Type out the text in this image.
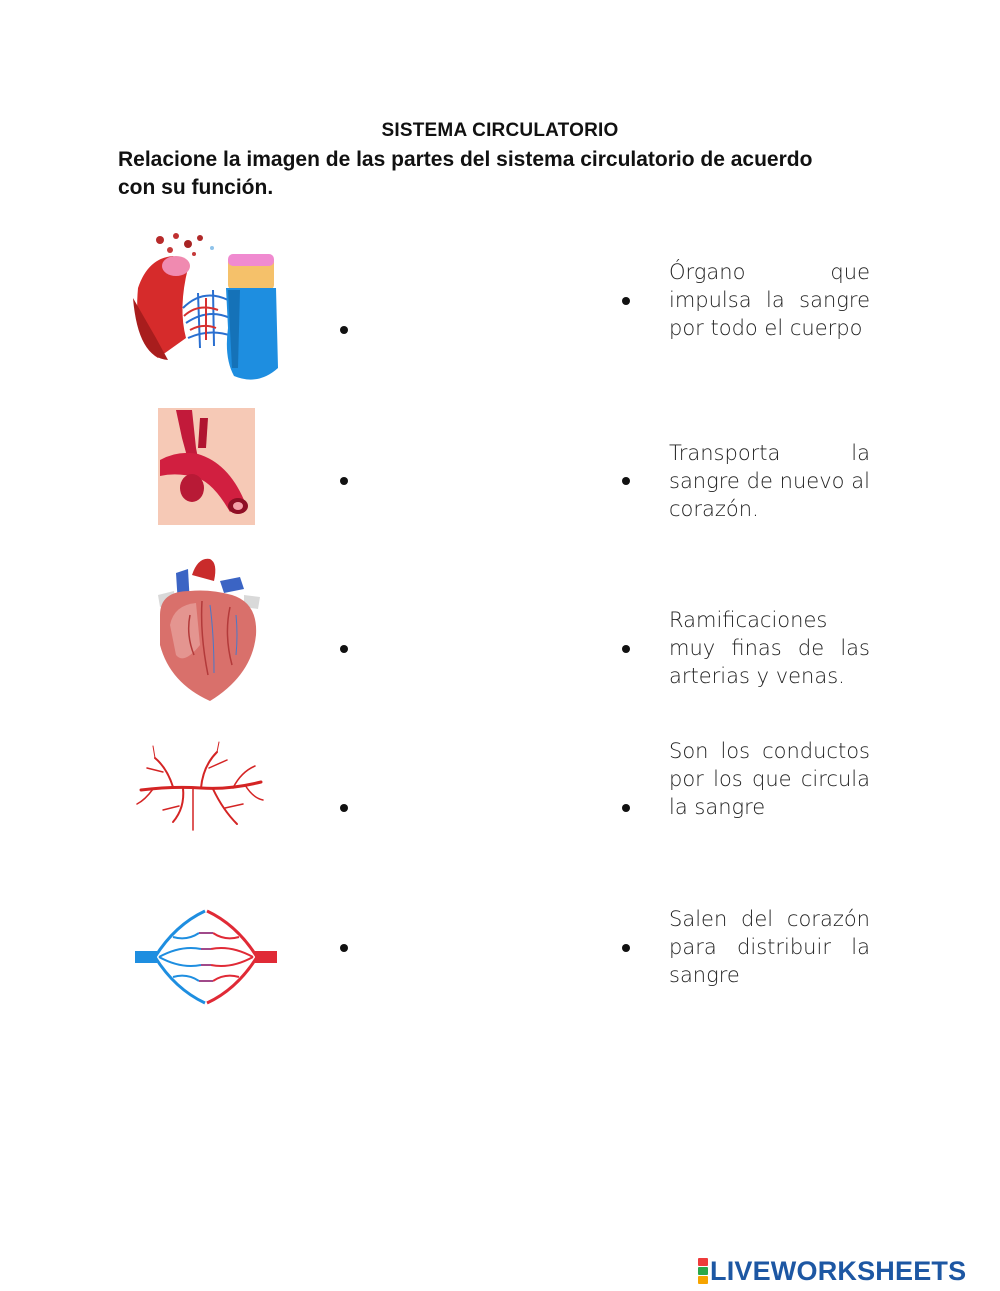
SISTEMA CIRCULATORIO
Relacione la imagen de las partes del sistema circulatorio de acuerdo con su función.
Órgano que impulsa la sangre por todo el cuerpo
Transporta la sangre de nuevo al corazón.
Ramificaciones muy finas de las arterias y venas.
Son los conductos por los que circula la sangre
Salen del corazón para distribuir la sangre
LIVEWORKSHEETS
